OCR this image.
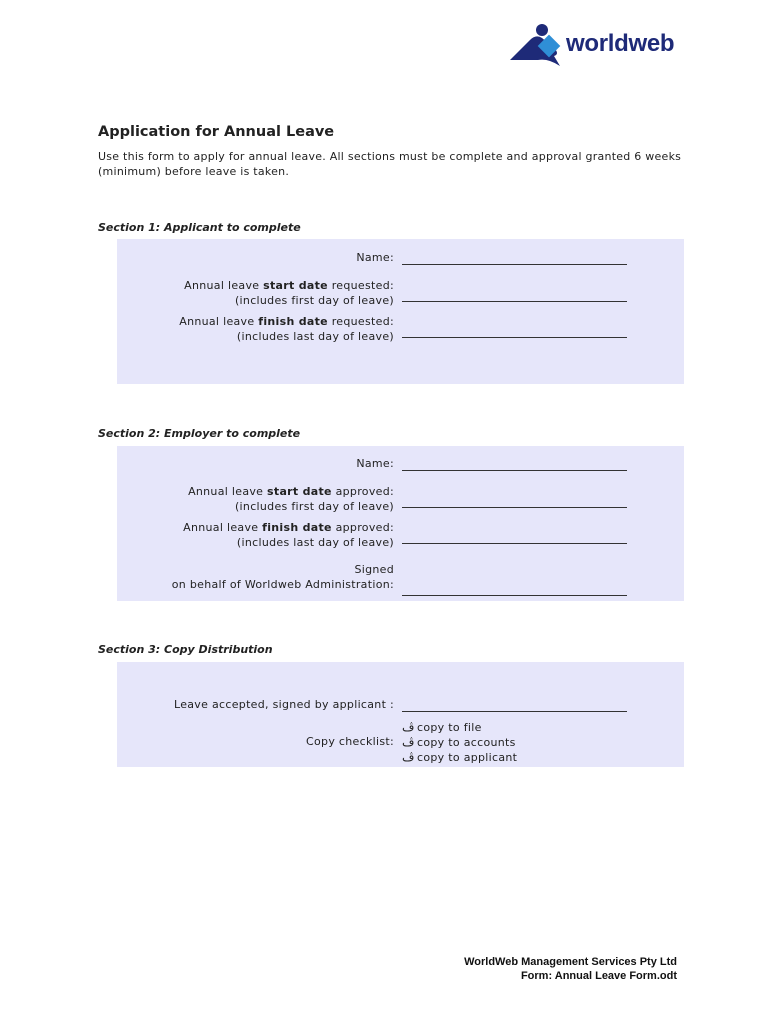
worldweb
Application for Annual Leave
Use this form to apply for annual leave. All sections must be complete and approval granted 6 weeks (minimum) before leave is taken.
Section 1: Applicant to complete
Name:
Annual leave start date requested:
(includes first day of leave)
Annual leave finish date requested:
(includes last day of leave)
Section 2: Employer to complete
Name:
Annual leave start date approved:
(includes first day of leave)
Annual leave finish date approved:
(includes last day of leave)
Signed
on behalf of Worldweb Administration:
Section 3: Copy Distribution
Leave accepted, signed by applicant :
Copy checklist:
ڤ copy to file
ڤ copy to accounts
ڤ copy to applicant
WorldWeb Management Services Pty Ltd
Form: Annual Leave Form.odt
